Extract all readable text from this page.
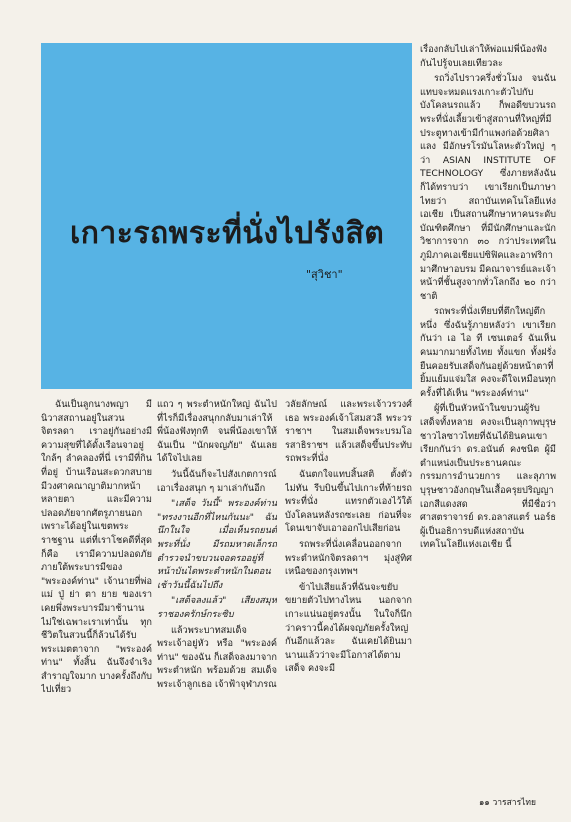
เกาะรถพระที่นั่งไปรังสิต

"สุวิชา"

เรื่องกลับไปเล่าให้พ่อแม่พี่น้องฟังกันไปรู้จบเลยเทียวละ

รถวิ่งไปราวครึ่งชั่วโมง จนฉันแทบจะหมดแรงเกาะตัวไปกับบังโคลนรถแล้ว ก็พอดีขบวนรถพระที่นั่งเลี้ยวเข้าสู่สถานที่ใหญ่ที่มีประตูทางเข้ามีกำแพงก่อด้วยศิลาแลง มีอักษรโรมันโลหะตัวใหญ่ ๆ ว่า ASIAN INSTITUTE OF TECHNOLOGY ซึ่งภายหลังฉันก็ได้ทราบว่า เขาเรียกเป็นภาษาไทยว่า สถาบันเทคโนโลยีแห่งเอเชีย เป็นสถานศึกษาหาคนระดับบัณฑิตศึกษา ที่มีนักศึกษาและนักวิชาการจาก ๓๐ กว่าประเทศในภูมิภาคเอเชียแปซิฟิคและอาฟริกามาศึกษาอบรม มีคณาจารย์และเจ้าหน้าที่ชั้นสูงจากทั่วโลกถึง ๒๐ กว่าชาติ

รถพระที่นั่งเทียบที่ตึกใหญ่ตึกหนึ่ง ซึ่งฉันรู้ภายหลังว่า เขาเรียกกันว่า เอ ไอ ที เซนเตอร์ ฉันเห็นคนมากมายทั้งไทย ทั้งแขก ทั้งฝรั่ง ยืนคอยรับเสด็จกันอยู่ด้วยหน้าตาที่ยิ้มแย้มแจ่มใส คงจะดีใจเหมือนทุกครั้งที่ได้เห็น "พระองค์ท่าน"

ผู้ที่เป็นหัวหน้าในขบวนผู้รับเสด็จทั้งหลาย คงจะเป็นลุกาพบุรุษชาวไลซาวไทยที่ฉันได้ยินคนเขาเรียกกันว่า ดร.อนันต์ คงชนิต ผู้มีตำแหน่งเป็นประธานคณะกรรมการอำนวยการ และลุภาพบุรุษชาวอังกฤษในเสื้อครุยปริญญาเอกสีแดงสด ที่มีชื่อว่า ศาสตราจารย์ ดร.อลาสแตร์ นอร์ธ ผู้เป็นอธิการบดีแห่งสถาบันเทคโนโลยีแห่งเอเชีย นี้

ฉันเป็นลูกนางพญา มีนิวาสสถานอยู่ในสวนจิตรลดา เราอยู่กันอย่างมีความสุขที่ได้ดั้งเรือนจาอยู่ใกล้ๆ ลำคลองที่นี่ เรามีที่กินที่อยู่ บ้านเรือนสะดวกสบาย มีวงศาคณาญาติมากหน้าหลายตา และมีความปลอดภัยจากศัตรูภายนอก เพราะได้อยู่ในเขตพระราชฐาน แต่ที่เราโชคดีที่สุดก็คือ เรามีความปลอดภัยภายใต้พระบารมีของ "พระองค์ท่าน" เจ้านายที่พ่อ แม่ ปู่ ย่า ตา ยาย ของเราเคยพึ่งพระบารมีมาช้านาน ไม่ใช่เฉพาะเราเท่านั้น ทุกชีวิตในสวนนี้ก็ล้วนได้รับพระเมตตาจาก "พระองค์ท่าน" ทั้งสิ้น ฉันจึงจำเริงสำราญใจมาก บางครั้งถึงกับไปเที่ยว

แถว ๆ พระตำหนักใหญ่ ฉันไปที่ไรก็มีเรื่องสนุกกลับมาเล่าให้พี่น้องฟังทุกที จนพี่น้องเขาให้ฉันเป็น "นักผจญภัย" ฉันเลยได้ใจไปเลย

วันนี้ฉันก็จะไปสังเกตการณ์เอาเรื่องสนุก ๆ มาเล่ากันอีก

"เสด็จ วันนี้" พระองค์ท่าน "ทรงงานอีกที่ไหนกันนะ" ฉันนึกในใจ เมื่อเห็นรถยนต์พระที่นั่ง มีรถมหาดเล็กรถตำรวจนำขบวนจอดรออยู่ที่หน้าบันไดพระตำหนักในตอนเช้าวันนี้ฉันไปถึง

"เสด็จลงแล้ว" เสียงสมุหราชองครักษ์กระซิบ

แล้วพระบาทสมเด็จพระเจ้าอยู่หัว หรือ "พระองค์ท่าน" ของฉัน ก็เสด็จลงมาจากพระตำหนัก พร้อมด้วย สมเด็จพระเจ้าลูกเธอ เจ้าฟ้าจุฬาภรณ

วลัยลักษณ์ และพระเจ้าวรวงศ์เธอ พระองค์เจ้าโสมสวลี พระวรราชาฯ ในสมเด็จพระบรมโอรสาธิราชฯ แล้วเสด็จขึ้นประทับรถพระที่นั่ง

ฉันตกใจแทบสิ้นสติ ตั้งตัวไม่ทัน รีบบินขึ้นไปเกาะที่ท้ายรถพระที่นั่ง แทรกตัวเองไว้ใต้บังโคลนหลังรถซะเลย ก่อนที่จะโดนเขาจับเอาออกไปเสียก่อน

รถพระที่นั่งเคลื่อนออกจากพระตำหนักจิตรลดาฯ มุ่งสู่ทิศเหนือของกรุงเทพฯ

ข้าไปเสียแล้วที่ฉันจะขยับขยายตัวไปทางไหน นอกจากเกาะแน่นอยู่ตรงนั้น ในใจก็นึกว่าคราวนี้คงได้ผจญภัยครั้งใหญ่กันอีกแล้วละ ฉันเคยได้ยินมานานแล้วว่าจะมีโอกาสได้ตามเสด็จ คงจะมี

๑๑ วารสารไทย
